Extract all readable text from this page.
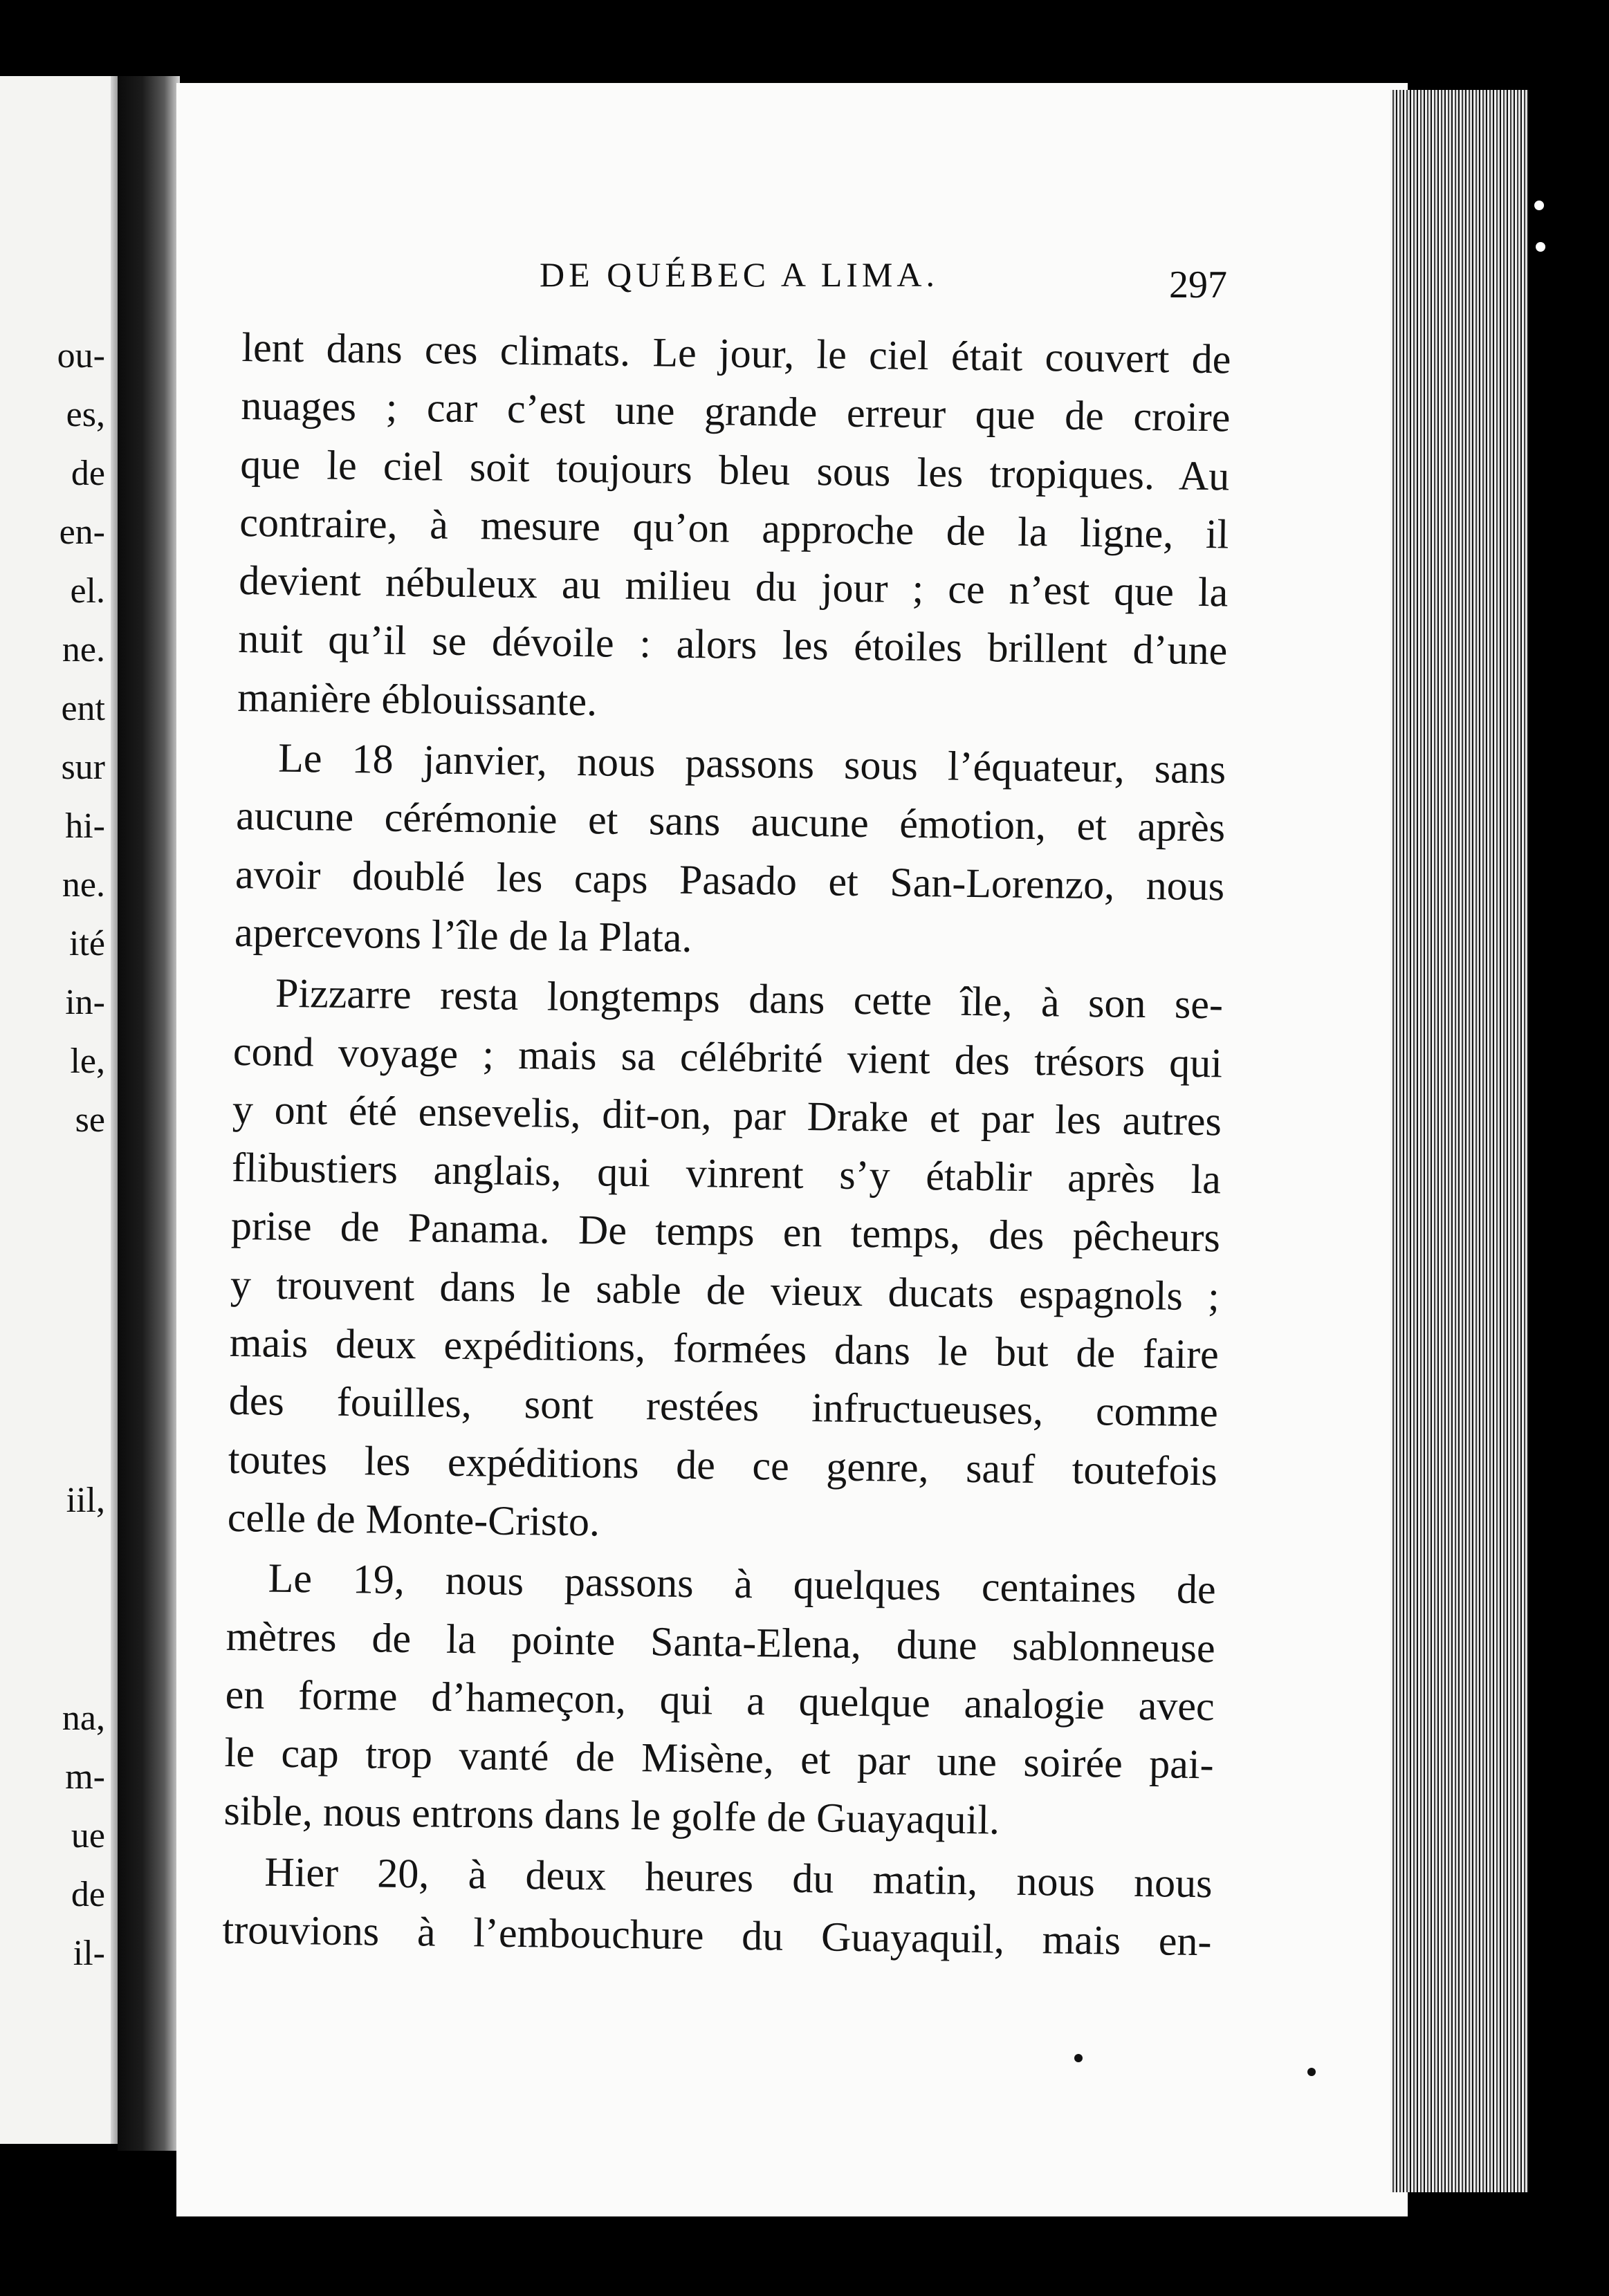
ou-
es,
de
en-
el.
ne.
ent
sur
hi-
ne.
ité
in-
le,
se
iil,
na,
m-
ue
de
il-
DE QUÉBEC A LIMA.	297
lent dans ces climats. Le jour, le ciel était couvert de
nuages ; car c’est une grande erreur que de croire
que le ciel soit toujours bleu sous les tropiques. Au
contraire, à mesure qu’on approche de la ligne, il
devient nébuleux au milieu du jour ; ce n’est que la
nuit qu’il se dévoile : alors les étoiles brillent d’une
manière éblouissante.
Le 18 janvier, nous passons sous l’équateur, sans
aucune cérémonie et sans aucune émotion, et après
avoir doublé les caps Pasado et San-Lorenzo, nous
apercevons l’île de la Plata.
Pizzarre resta longtemps dans cette île, à son se-
cond voyage ; mais sa célébrité vient des trésors qui
y ont été ensevelis, dit-on, par Drake et par les autres
flibustiers anglais, qui vinrent s’y établir après la
prise de Panama. De temps en temps, des pêcheurs
y trouvent dans le sable de vieux ducats espagnols ;
mais deux expéditions, formées dans le but de faire
des fouilles, sont restées infructueuses, comme
toutes les expéditions de ce genre, sauf toutefois
celle de Monte-Cristo.
Le 19, nous passons à quelques centaines de
mètres de la pointe Santa-Elena, dune sablonneuse
en forme d’hameçon, qui a quelque analogie avec
le cap trop vanté de Misène, et par une soirée pai-
sible, nous entrons dans le golfe de Guayaquil.
Hier 20, à deux heures du matin, nous nous
trouvions à l’embouchure du Guayaquil, mais en-
